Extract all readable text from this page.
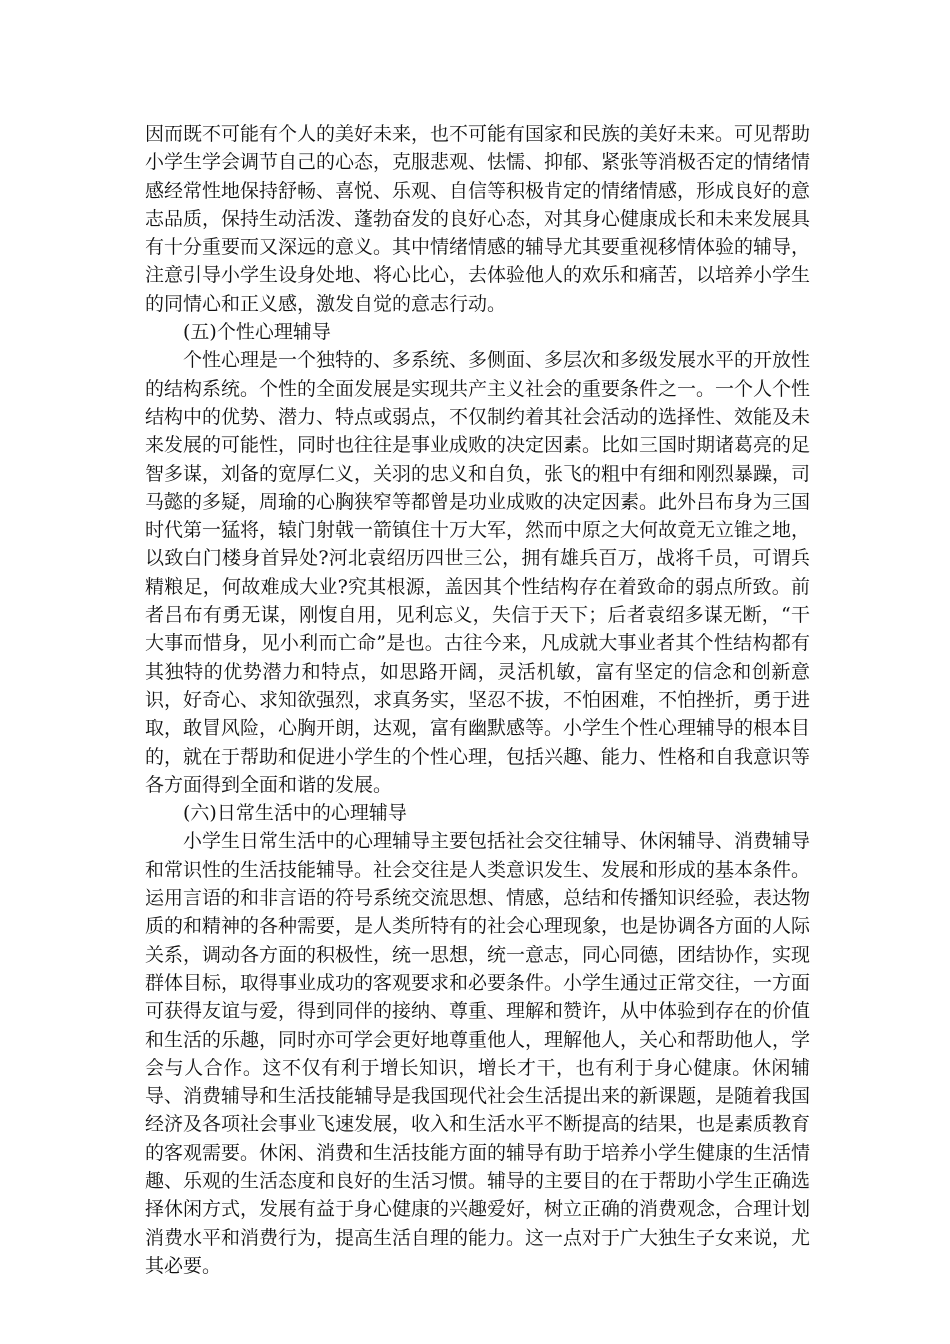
因而既不可能有个人的美好未来，也不可能有国家和民族的美好未来。可见帮助小学生学会调节自己的心态，克服悲观、怯懦、抑郁、紧张等消极否定的情绪情感经常性地保持舒畅、喜悦、乐观、自信等积极肯定的情绪情感，形成良好的意志品质，保持生动活泼、蓬勃奋发的良好心态，对其身心健康成长和未来发展具有十分重要而又深远的意义。其中情绪情感的辅导尤其要重视移情体验的辅导，注意引导小学生设身处地、将心比心，去体验他人的欢乐和痛苦，以培养小学生的同情心和正义感，激发自觉的意志行动。

(五)个性心理辅导

个性心理是一个独特的、多系统、多侧面、多层次和多级发展水平的开放性的结构系统。个性的全面发展是实现共产主义社会的重要条件之一。一个人个性结构中的优势、潜力、特点或弱点，不仅制约着其社会活动的选择性、效能及未来发展的可能性，同时也往往是事业成败的决定因素。比如三国时期诸葛亮的足智多谋，刘备的宽厚仁义，关羽的忠义和自负，张飞的粗中有细和刚烈暴躁，司马懿的多疑，周瑜的心胸狭窄等都曾是功业成败的决定因素。此外吕布身为三国时代第一猛将，辕门射戟一箭镇住十万大军，然而中原之大何故竟无立锥之地，以致白门楼身首异处?河北袁绍历四世三公，拥有雄兵百万，战将千员，可谓兵精粮足，何故难成大业?究其根源，盖因其个性结构存在着致命的弱点所致。前者吕布有勇无谋，刚愎自用，见利忘义，失信于天下；后者袁绍多谋无断，“干大事而惜身，见小利而亡命”是也。古往今来，凡成就大事业者其个性结构都有其独特的优势潜力和特点，如思路开阔，灵活机敏，富有坚定的信念和创新意识，好奇心、求知欲强烈，求真务实，坚忍不拔，不怕困难，不怕挫折，勇于进取，敢冒风险，心胸开朗，达观，富有幽默感等。小学生个性心理辅导的根本目的，就在于帮助和促进小学生的个性心理，包括兴趣、能力、性格和自我意识等各方面得到全面和谐的发展。

(六)日常生活中的心理辅导

小学生日常生活中的心理辅导主要包括社会交往辅导、休闲辅导、消费辅导和常识性的生活技能辅导。社会交往是人类意识发生、发展和形成的基本条件。运用言语的和非言语的符号系统交流思想、情感，总结和传播知识经验，表达物质的和精神的各种需要，是人类所特有的社会心理现象，也是协调各方面的人际关系，调动各方面的积极性，统一思想，统一意志，同心同德，团结协作，实现群体目标，取得事业成功的客观要求和必要条件。小学生通过正常交往，一方面可获得友谊与爱，得到同伴的接纳、尊重、理解和赞许，从中体验到存在的价值和生活的乐趣，同时亦可学会更好地尊重他人，理解他人，关心和帮助他人，学会与人合作。这不仅有利于增长知识，增长才干，也有利于身心健康。休闲辅导、消费辅导和生活技能辅导是我国现代社会生活提出来的新课题，是随着我国经济及各项社会事业飞速发展，收入和生活水平不断提高的结果，也是素质教育的客观需要。休闲、消费和生活技能方面的辅导有助于培养小学生健康的生活情趣、乐观的生活态度和良好的生活习惯。辅导的主要目的在于帮助小学生正确选择休闲方式，发展有益于身心健康的兴趣爱好，树立正确的消费观念，合理计划消费水平和消费行为，提高生活自理的能力。这一点对于广大独生子女来说，尤其必要。
